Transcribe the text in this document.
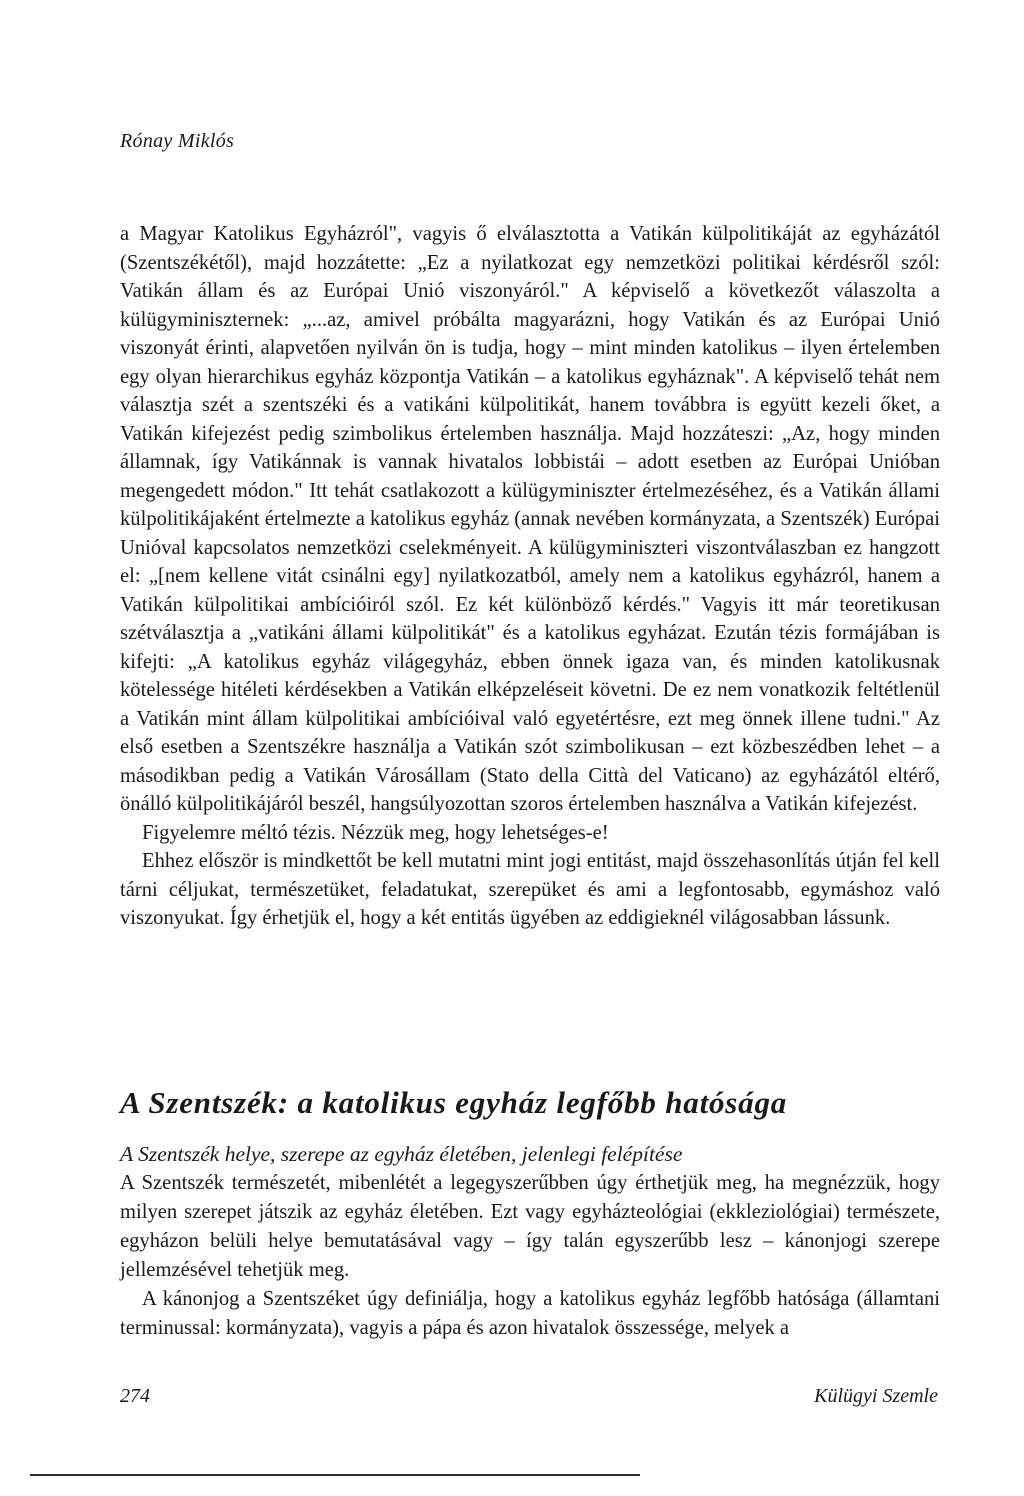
Rónay Miklós

a Magyar Katolikus Egyházról", vagyis ő elválasztotta a Vatikán külpolitikáját az egyházától (Szentszékétől), majd hozzátette: „Ez a nyilatkozat egy nemzetközi politikai kérdésről szól: Vatikán állam és az Európai Unió viszonyáról." A képviselő a következőt válaszolta a külügyminiszternek: „...az, amivel próbálta magyarázni, hogy Vatikán és az Európai Unió viszonyát érinti, alapvetően nyilván ön is tudja, hogy – mint minden katolikus – ilyen értelemben egy olyan hierarchikus egyház központja Vatikán – a katolikus egyháznak". A képviselő tehát nem választja szét a szentszéki és a vatikáni külpolitikát, hanem továbbra is együtt kezeli őket, a Vatikán kifejezést pedig szimbolikus értelemben használja. Majd hozzáteszi: „Az, hogy minden államnak, így Vatikánnak is vannak hivatalos lobbistái – adott esetben az Európai Unióban megengedett módon." Itt tehát csatlakozott a külügyminiszter értelmezéséhez, és a Vatikán állami külpolitikájaként értelmezte a katolikus egyház (annak nevében kormányzata, a Szentszék) Európai Unióval kapcsolatos nemzetközi cselekményeit. A külügyminiszteri viszontválaszban ez hangzott el: „[nem kellene vitát csinálni egy] nyilatkozatból, amely nem a katolikus egyházról, hanem a Vatikán külpolitikai ambícióiról szól. Ez két különböző kérdés." Vagyis itt már teoretikusan szétválasztja a „vatikáni állami külpolitikát" és a katolikus egyházat. Ezután tézis formájában is kifejti: „A katolikus egyház világegyház, ebben önnek igaza van, és minden katolikusnak kötelessége hitéleti kérdésekben a Vatikán elképzeléseit követni. De ez nem vonatkozik feltétlenül a Vatikán mint állam külpolitikai ambícióival való egyetértésre, ezt meg önnek illene tudni." Az első esetben a Szentszékre használja a Vatikán szót szimbolikusan – ezt közbeszédben lehet – a másodikban pedig a Vatikán Városállam (Stato della Città del Vaticano) az egyházától eltérő, önálló külpolitikájáról beszél, hangsúlyozottan szoros értelemben használva a Vatikán kifejezést.

Figyelemre méltó tézis. Nézzük meg, hogy lehetséges-e!

Ehhez először is mindkettőt be kell mutatni mint jogi entitást, majd összehasonlítás útján fel kell tárni céljukat, természetüket, feladatukat, szerepüket és ami a legfontosabb, egymáshoz való viszonyukat. Így érhetjük el, hogy a két entitás ügyében az eddigieknél világosabban lássunk.

A Szentszék: a katolikus egyház legfőbb hatósága
A Szentszék helye, szerepe az egyház életében, jelenlegi felépítése

A Szentszék természetét, mibenlétét a legegyszerűbben úgy érthetjük meg, ha megnézzük, hogy milyen szerepet játszik az egyház életében. Ezt vagy egyházteológiai (ekkleziológiai) természete, egyházon belüli helye bemutatásával vagy – így talán egyszerűbb lesz – kánonjogi szerepe jellemzésével tehetjük meg.

A kánonjog a Szentszéket úgy definiálja, hogy a katolikus egyház legfőbb hatósága (államtani terminussal: kormányzata), vagyis a pápa és azon hivatalok összessége, melyek a

274	Külügyi Szemle
